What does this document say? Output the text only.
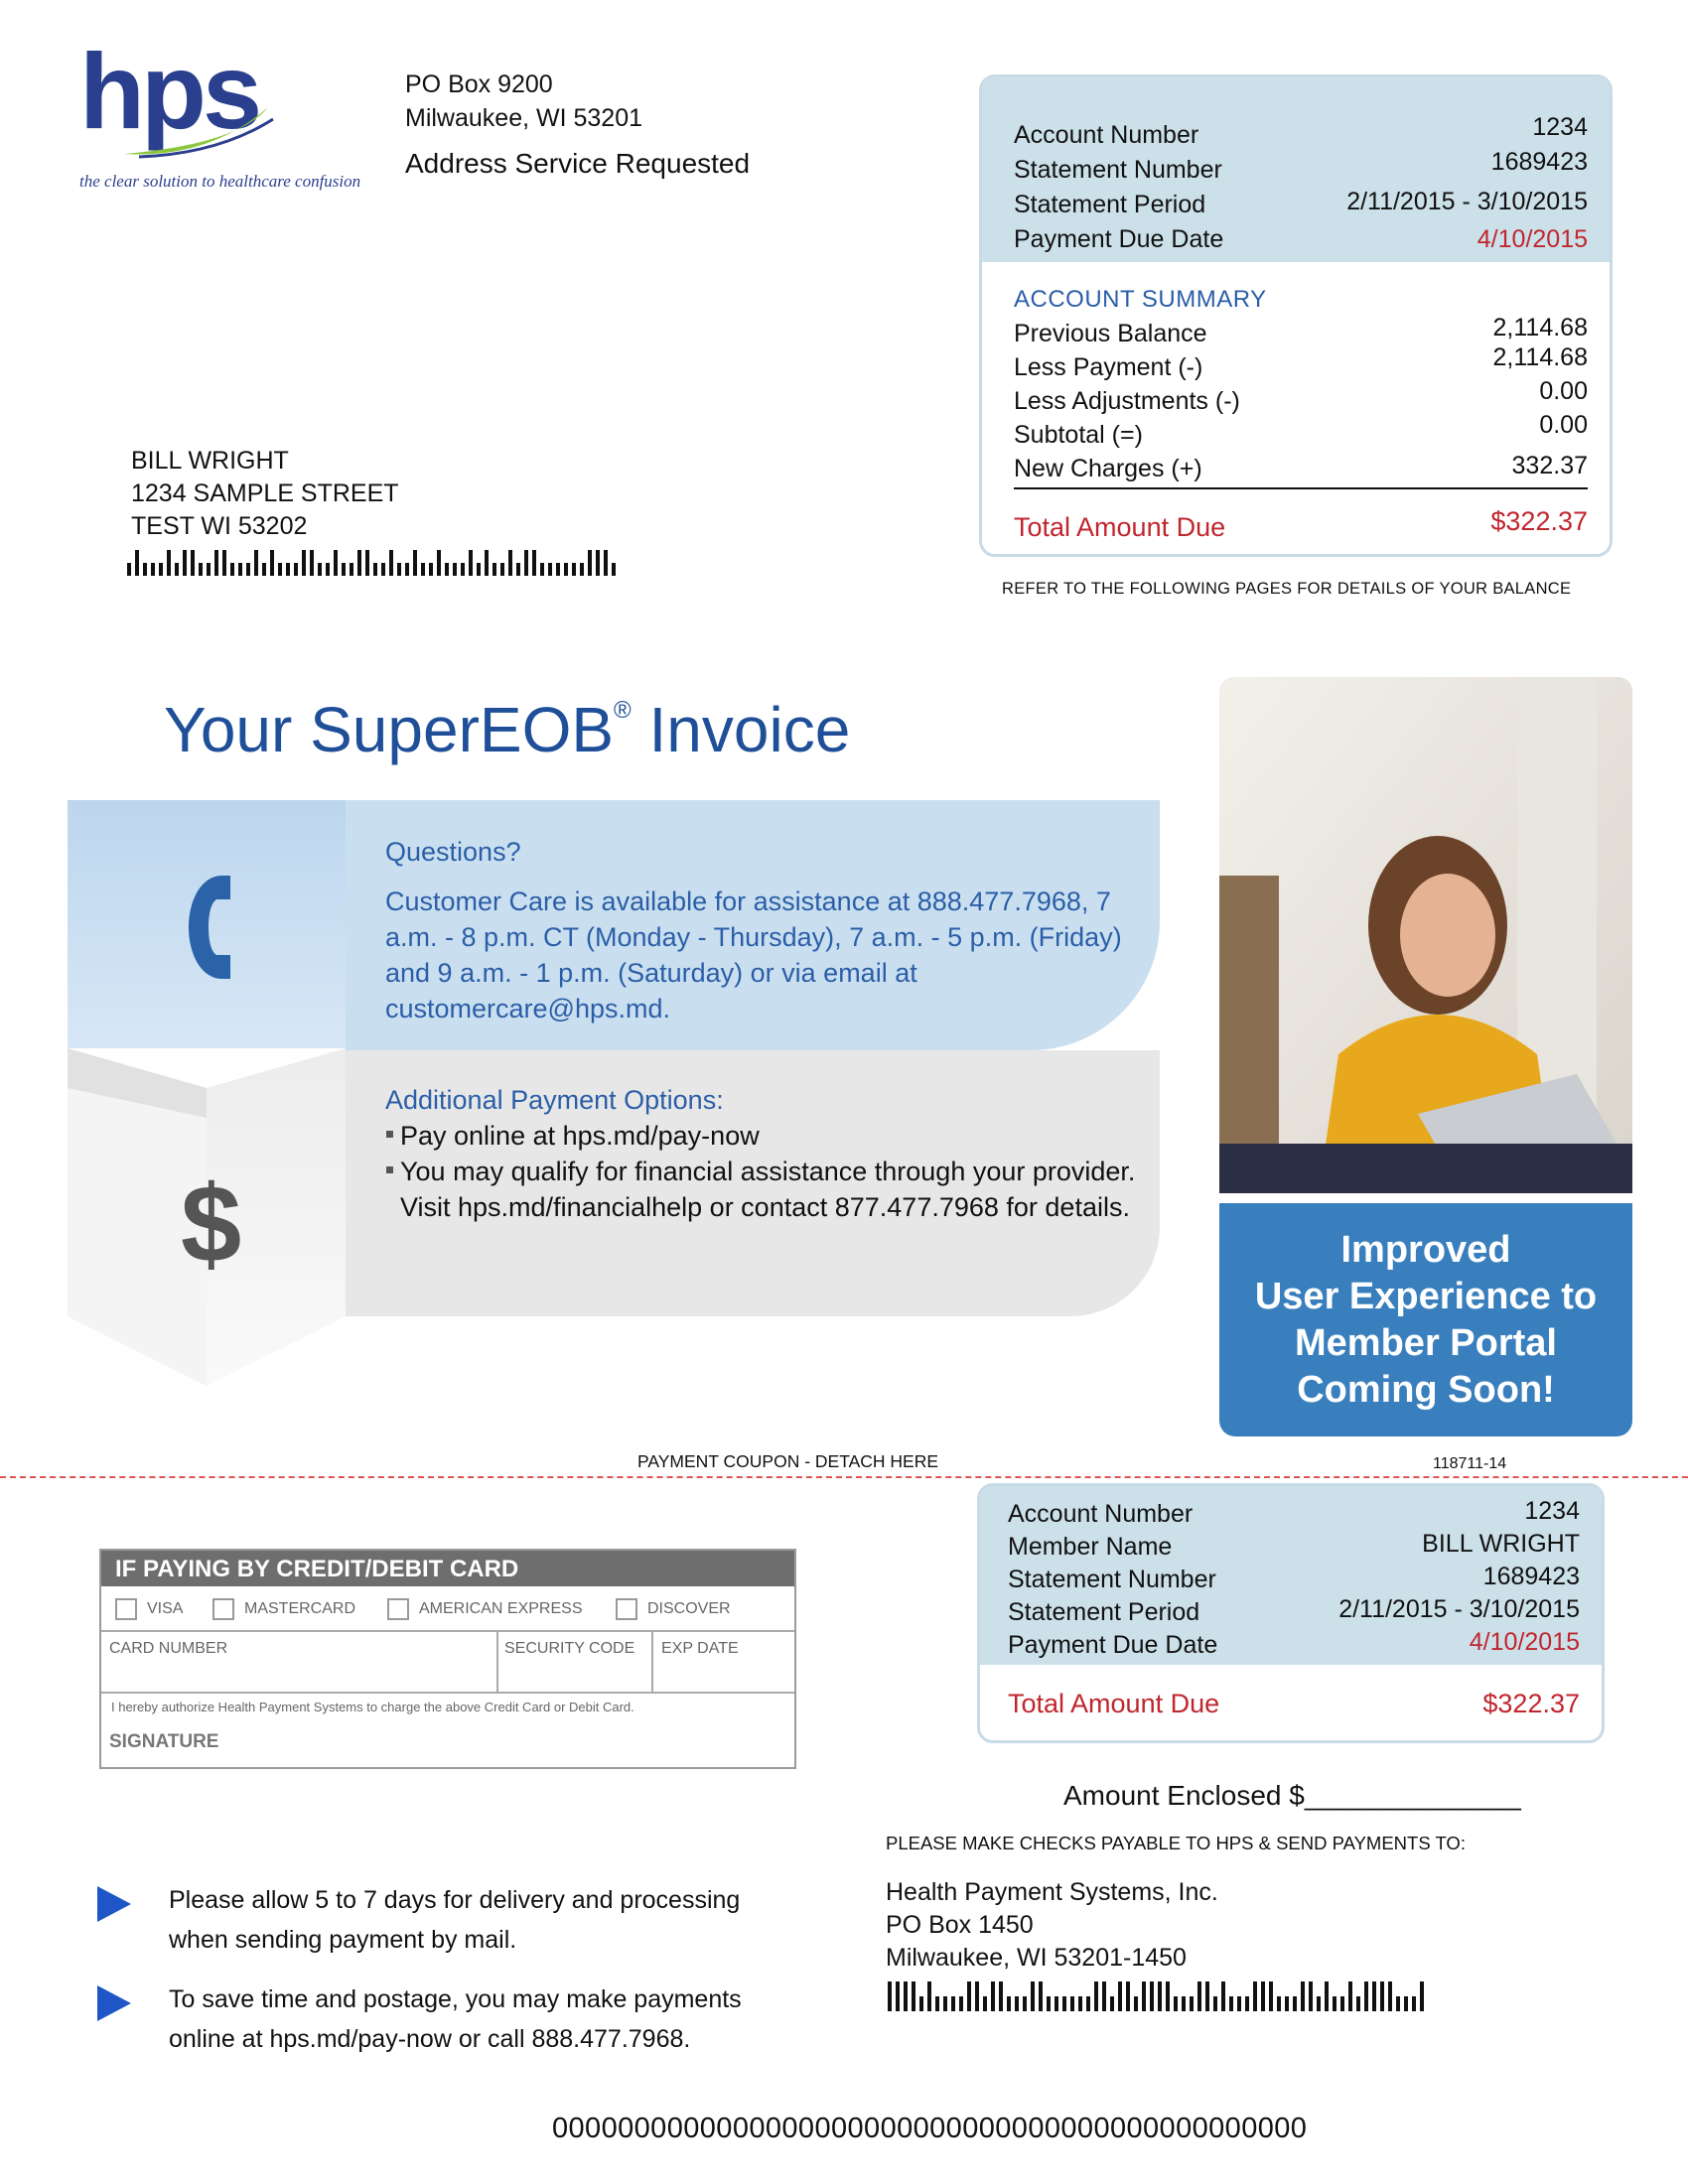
hps
the clear solution to healthcare confusion
PO Box 9200
Milwaukee, WI 53201
Address Service Requested
BILL WRIGHT
1234 SAMPLE STREET
TEST WI 53202
Account Number	1234
Statement Number	1689423
Statement Period	2/11/2015 - 3/10/2015
Payment Due Date	4/10/2015
ACCOUNT SUMMARY
Previous Balance	2,114.68
Less Payment (-)	2,114.68
Less Adjustments (-)	0.00
Subtotal (=)	0.00
New Charges (+)	332.37
Total Amount Due	$322.37
REFER TO THE FOLLOWING PAGES FOR DETAILS OF YOUR BALANCE
Your SuperEOB® Invoice
$
Questions?
Customer Care is available for assistance at 888.477.7968, 7 a.m. - 8 p.m. CT (Monday - Thursday), 7 a.m. - 5 p.m. (Friday) and 9 a.m. - 1 p.m. (Saturday) or via email at customercare@hps.md.
Additional Payment Options:
Pay online at hps.md/pay-now
You may qualify for financial assistance through your provider. Visit hps.md/financialhelp or contact 877.477.7968 for details.
Improved
User Experience to
Member Portal
Coming Soon!
PAYMENT COUPON - DETACH HERE	118711-14
IF PAYING BY CREDIT/DEBIT CARD
VISA	MASTERCARD	AMERICAN EXPRESS	DISCOVER
CARD NUMBER	SECURITY CODE EXP DATE
I hereby authorize Health Payment Systems to charge the above Credit Card or Debit Card.
SIGNATURE
Account Number	1234
Member Name	BILL WRIGHT
Statement Number	1689423
Statement Period	2/11/2015 - 3/10/2015
Payment Due Date	4/10/2015
Total Amount Due	$322.37
Amount Enclosed $______________
PLEASE MAKE CHECKS PAYABLE TO HPS & SEND PAYMENTS TO:
Health Payment Systems, Inc.
PO Box 1450
Milwaukee, WI 53201-1450
Please allow 5 to 7 days for delivery and processing
when sending payment by mail.
To save time and postage, you may make payments
online at hps.md/pay-now or call 888.477.7968.
0000000000000000000000000000000000000000000000
